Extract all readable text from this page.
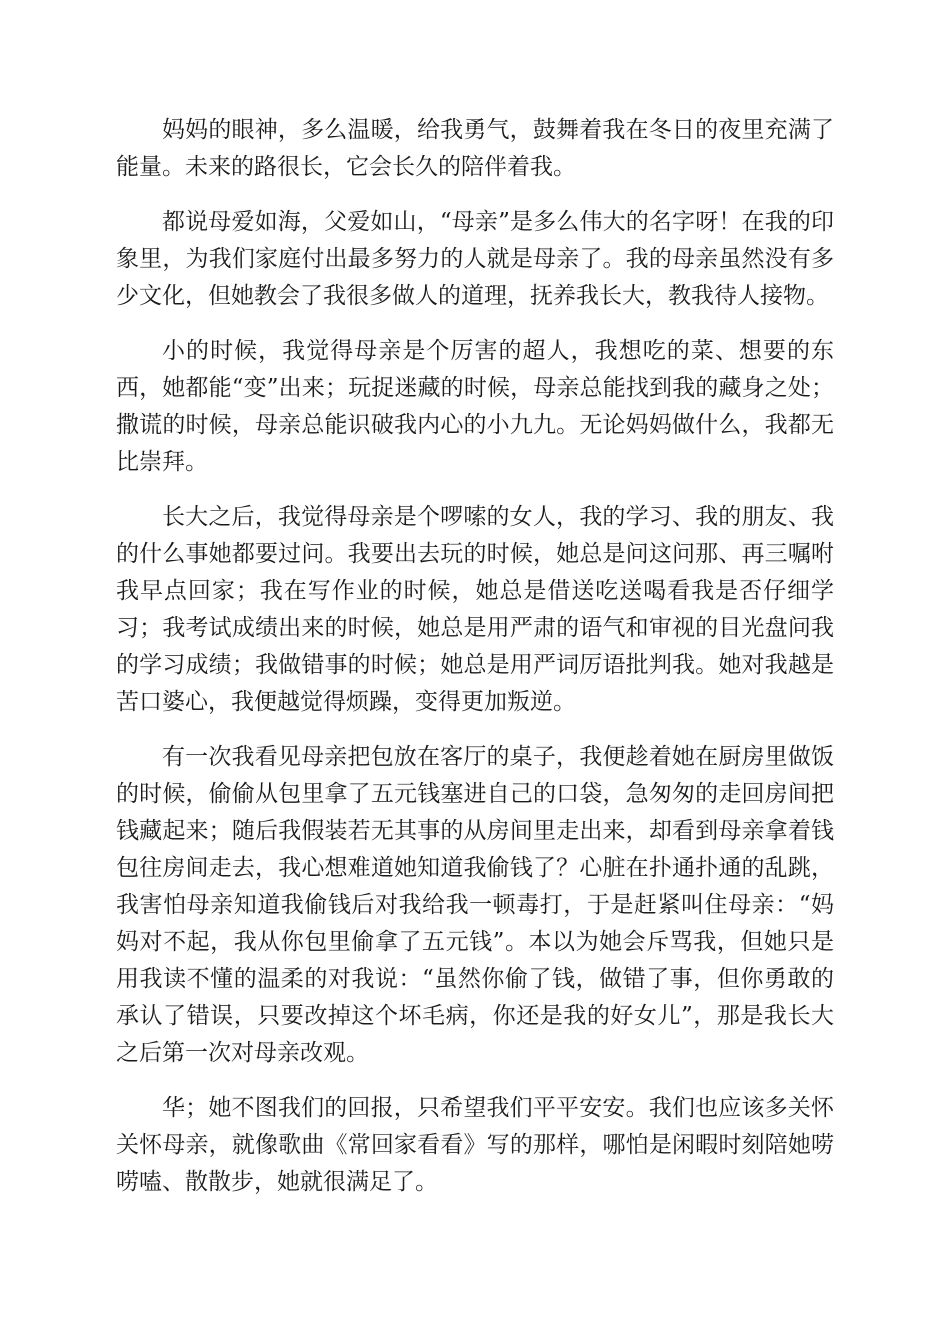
妈妈的眼神，多么温暖，给我勇气，鼓舞着我在冬日的夜里充满了能量。未来的路很长，它会长久的陪伴着我。

都说母爱如海，父爱如山，“母亲”是多么伟大的名字呀！在我的印象里，为我们家庭付出最多努力的人就是母亲了。我的母亲虽然没有多少文化，但她教会了我很多做人的道理，抚养我长大，教我待人接物。

小的时候，我觉得母亲是个厉害的超人，我想吃的菜、想要的东西，她都能“变”出来；玩捉迷藏的时候，母亲总能找到我的藏身之处；撒谎的时候，母亲总能识破我内心的小九九。无论妈妈做什么，我都无比崇拜。

长大之后，我觉得母亲是个啰嗦的女人，我的学习、我的朋友、我的什么事她都要过问。我要出去玩的时候，她总是问这问那、再三嘱咐我早点回家；我在写作业的时候，她总是借送吃送喝看我是否仔细学习；我考试成绩出来的时候，她总是用严肃的语气和审视的目光盘问我的学习成绩；我做错事的时候；她总是用严词厉语批判我。她对我越是苦口婆心，我便越觉得烦躁，变得更加叛逆。

有一次我看见母亲把包放在客厅的桌子，我便趁着她在厨房里做饭的时候，偷偷从包里拿了五元钱塞进自己的口袋，急匆匆的走回房间把钱藏起来；随后我假装若无其事的从房间里走出来，却看到母亲拿着钱包往房间走去，我心想难道她知道我偷钱了？心脏在扑通扑通的乱跳，我害怕母亲知道我偷钱后对我给我一顿毒打，于是赶紧叫住母亲：“妈妈对不起，我从你包里偷拿了五元钱”。本以为她会斥骂我，但她只是用我读不懂的温柔的对我说：“虽然你偷了钱，做错了事，但你勇敢的承认了错误，只要改掉这个坏毛病，你还是我的好女儿”，那是我长大之后第一次对母亲改观。

华；她不图我们的回报，只希望我们平平安安。我们也应该多关怀关怀母亲，就像歌曲《常回家看看》写的那样，哪怕是闲暇时刻陪她唠唠嗑、散散步，她就很满足了。
